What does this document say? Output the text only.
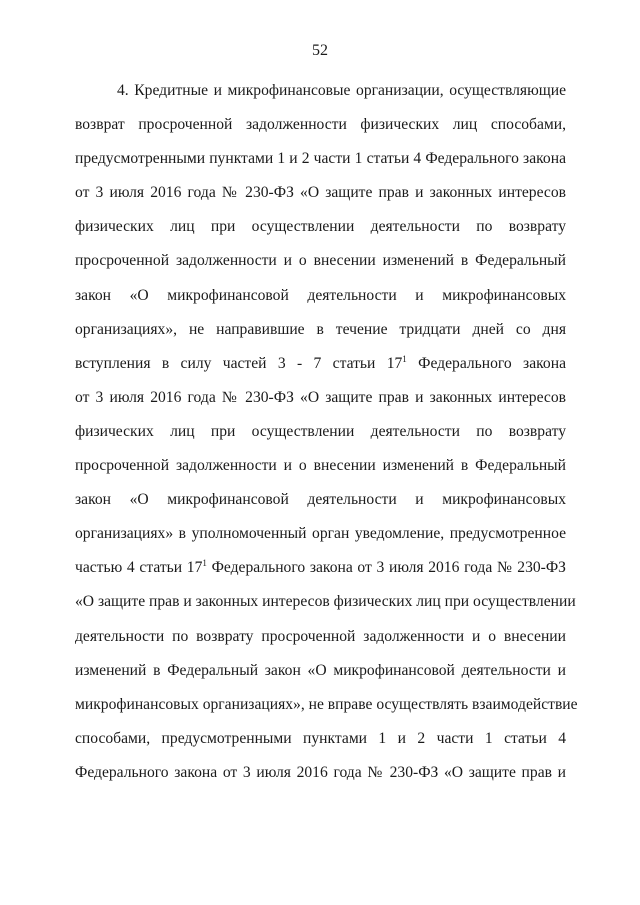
52
4. Кредитные и микрофинансовые организации, осуществляющие
возврат просроченной задолженности физических лиц способами,
предусмотренными пунктами 1 и 2 части 1 статьи 4 Федерального закона
от 3 июля 2016 года № 230-ФЗ «О защите прав и законных интересов
физических лиц при осуществлении деятельности по возврату
просроченной задолженности и о внесении изменений в Федеральный
закон «О микрофинансовой деятельности и микрофинансовых
организациях», не направившие в течение тридцати дней со дня
вступления в силу частей 3 - 7 статьи $17^1$ Федерального закона
от 3 июля 2016 года № 230-ФЗ «О защите прав и законных интересов
физических лиц при осуществлении деятельности по возврату
просроченной задолженности и о внесении изменений в Федеральный
закон «О микрофинансовой деятельности и микрофинансовых
организациях» в уполномоченный орган уведомление, предусмотренное
частью 4 статьи $17^1$ Федерального закона от 3 июля 2016 года № 230-ФЗ
«О защите прав и законных интересов физических лиц при осуществлении
деятельности по возврату просроченной задолженности и о внесении
изменений в Федеральный закон «О микрофинансовой деятельности и
микрофинансовых организациях», не вправе осуществлять взаимодействие
способами, предусмотренными пунктами 1 и 2 части 1 статьи 4
Федерального закона от 3 июля 2016 года № 230-ФЗ «О защите прав и
